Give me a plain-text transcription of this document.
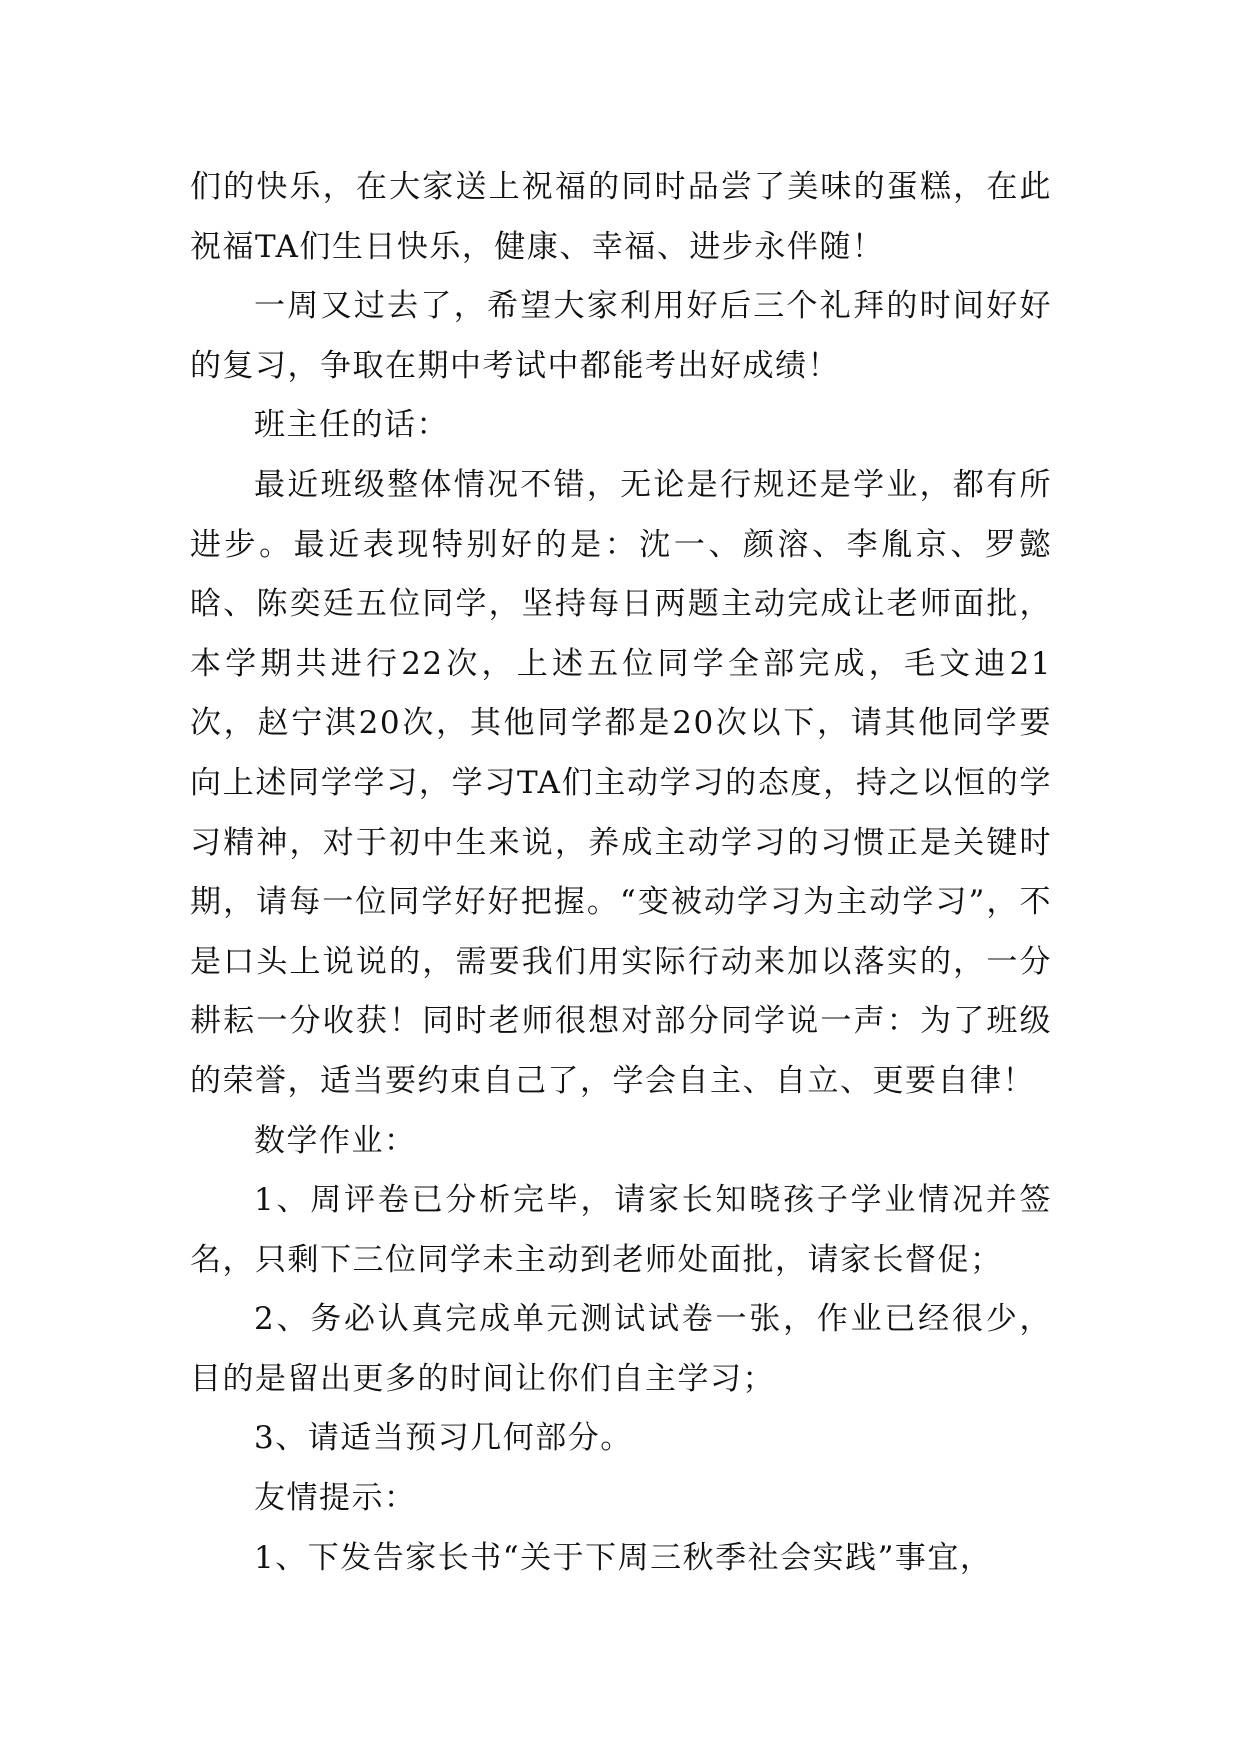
们的快乐，在大家送上祝福的同时品尝了美味的蛋糕，在此祝福TA们生日快乐，健康、幸福、进步永伴随！

一周又过去了，希望大家利用好后三个礼拜的时间好好的复习，争取在期中考试中都能考出好成绩！

班主任的话：

最近班级整体情况不错，无论是行规还是学业，都有所进步。最近表现特别好的是：沈一、颜溶、李胤京、罗懿晗、陈奕廷五位同学，坚持每日两题主动完成让老师面批，本学期共进行22次，上述五位同学全部完成，毛文迪21次，赵宁淇20次，其他同学都是20次以下，请其他同学要向上述同学学习，学习TA们主动学习的态度，持之以恒的学习精神，对于初中生来说，养成主动学习的习惯正是关键时期，请每一位同学好好把握。“变被动学习为主动学习”，不是口头上说说的，需要我们用实际行动来加以落实的，一分耕耘一分收获！同时老师很想对部分同学说一声：为了班级的荣誉，适当要约束自己了，学会自主、自立、更要自律！

数学作业：

1、周评卷已分析完毕，请家长知晓孩子学业情况并签名，只剩下三位同学未主动到老师处面批，请家长督促；

2、务必认真完成单元测试试卷一张，作业已经很少，目的是留出更多的时间让你们自主学习；

3、请适当预习几何部分。

友情提示：

1、下发告家长书“关于下周三秋季社会实践”事宜，
